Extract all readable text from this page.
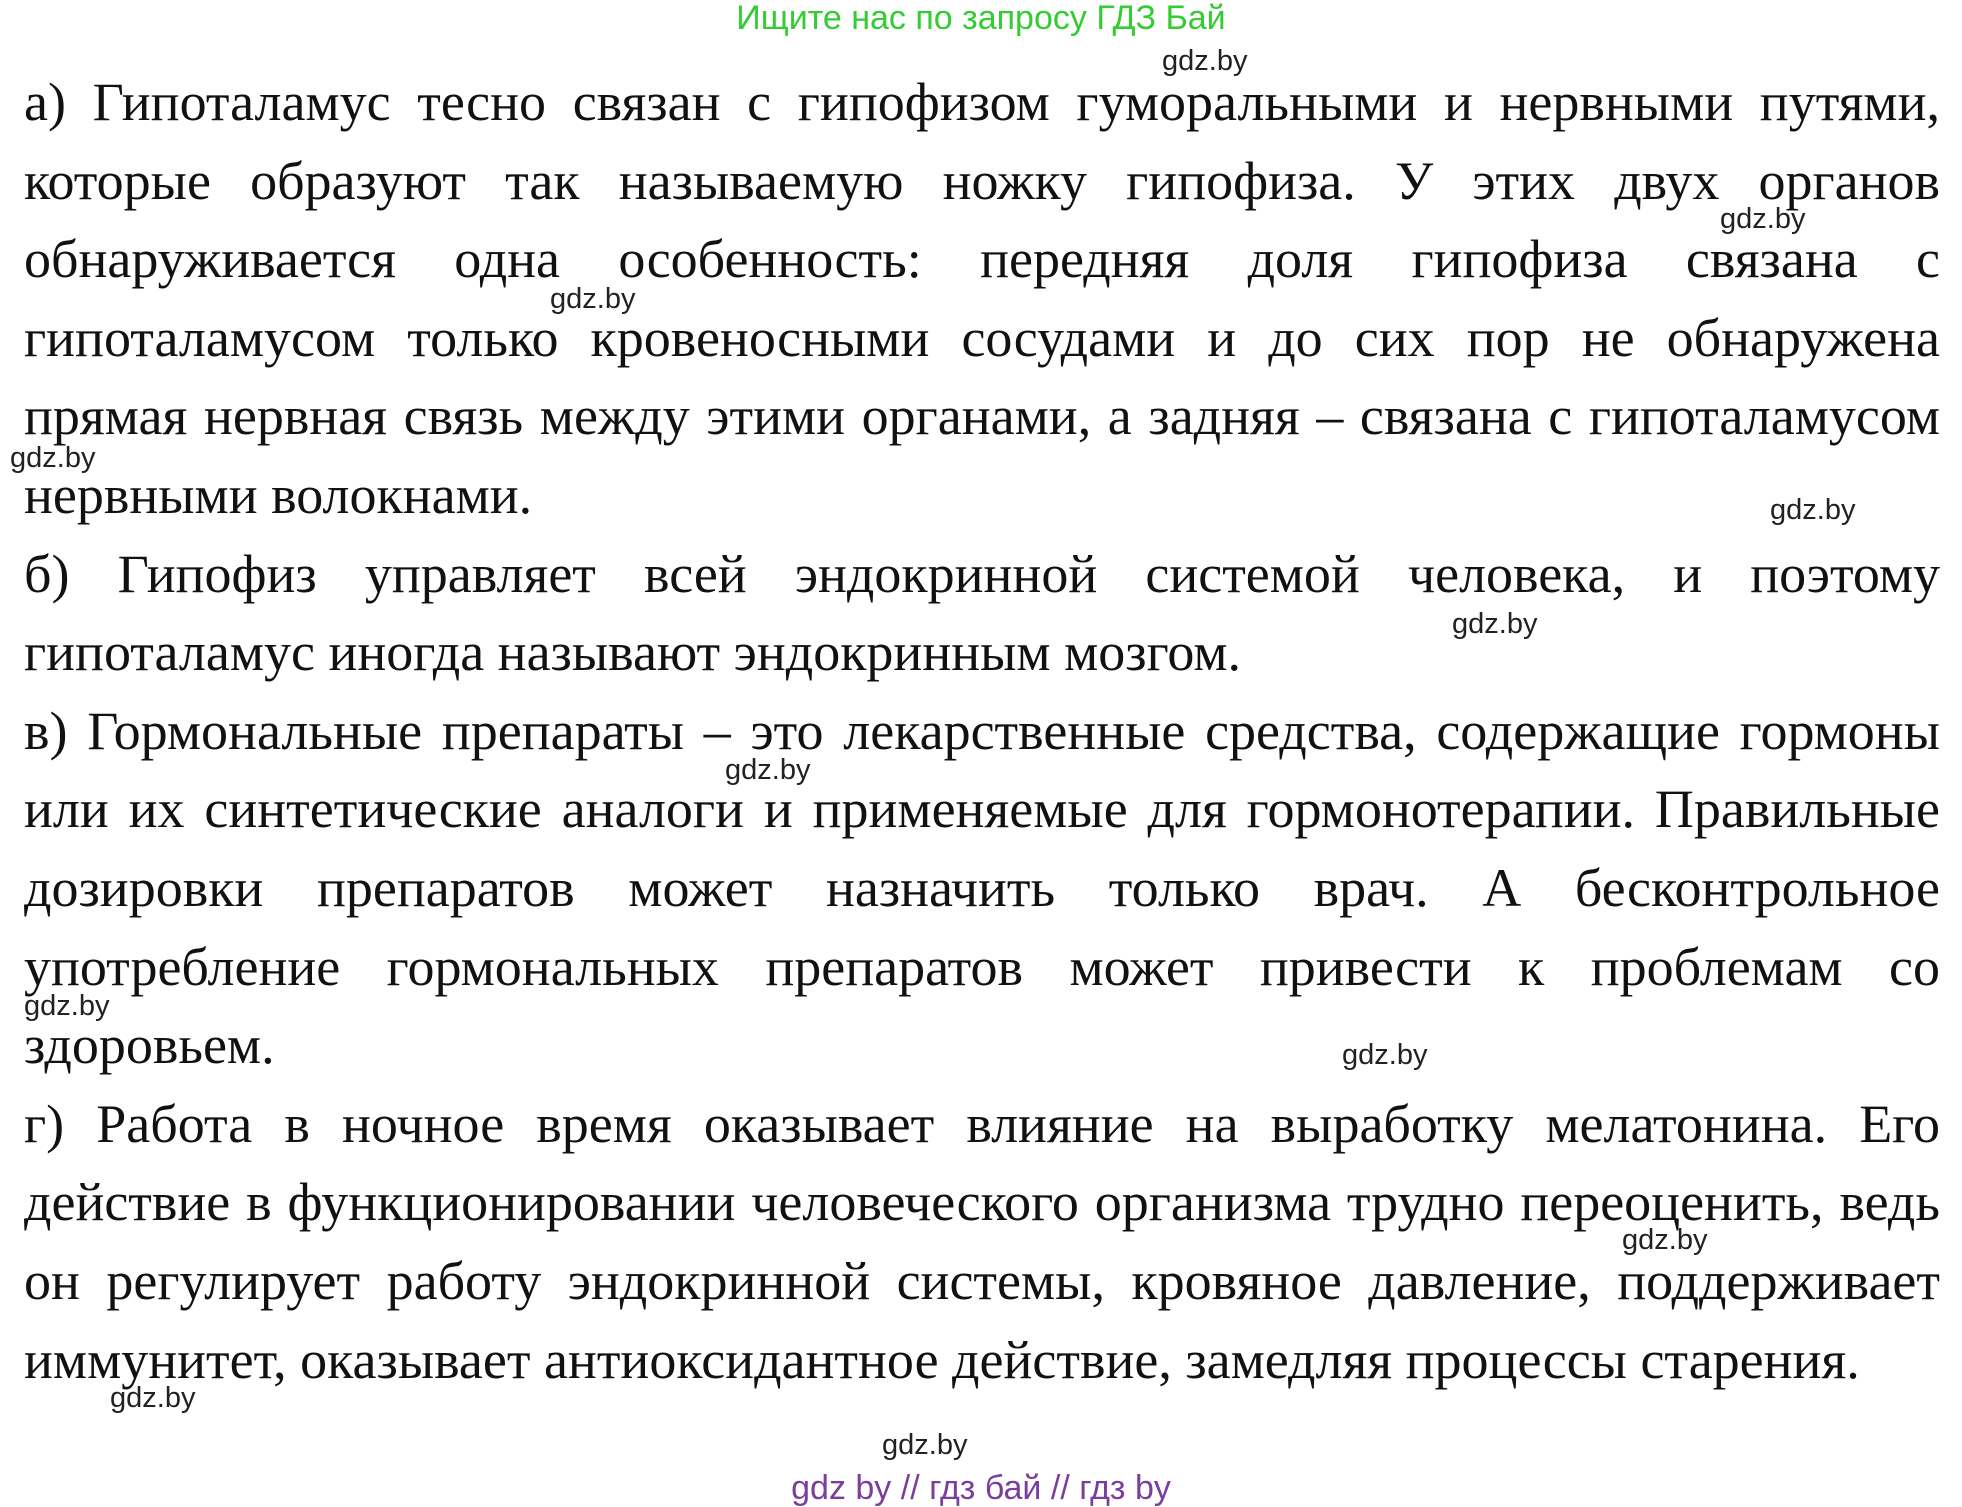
Ищите нас по запросу ГДЗ Бай

а) Гипоталамус тесно связан с гипофизом гуморальными и нервными путями, которые образуют так называемую ножку гипофиза. У этих двух органов обнаруживается одна особенность: передняя доля гипофиза связана с гипоталамусом только кровеносными сосудами и до сих пор не обнаружена прямая нервная связь между этими органами, а задняя – связана с гипоталамусом нервными волокнами.

б) Гипофиз управляет всей эндокринной системой человека, и поэтому гипоталамус иногда называют эндокринным мозгом.

в) Гормональные препараты – это лекарственные средства, содержащие гормоны или их синтетические аналоги и применяемые для гормонотерапии. Правильные дозировки препаратов может назначить только врач. А бесконтрольное употребление гормональных препаратов может привести к проблемам со здоровьем.

г) Работа в ночное время оказывает влияние на выработку мелатонина. Его действие в функционировании человеческого организма трудно переоценить, ведь он регулирует работу эндокринной системы, кровяное давление, поддерживает иммунитет, оказывает антиоксидантное действие, замедляя процессы старения.

gdz.by
gdz.by
gdz.by
gdz.by
gdz.by
gdz.by
gdz.by
gdz.by
gdz.by
gdz.by
gdz.by
gdz.by
gdz by // гдз бай // гдз by
